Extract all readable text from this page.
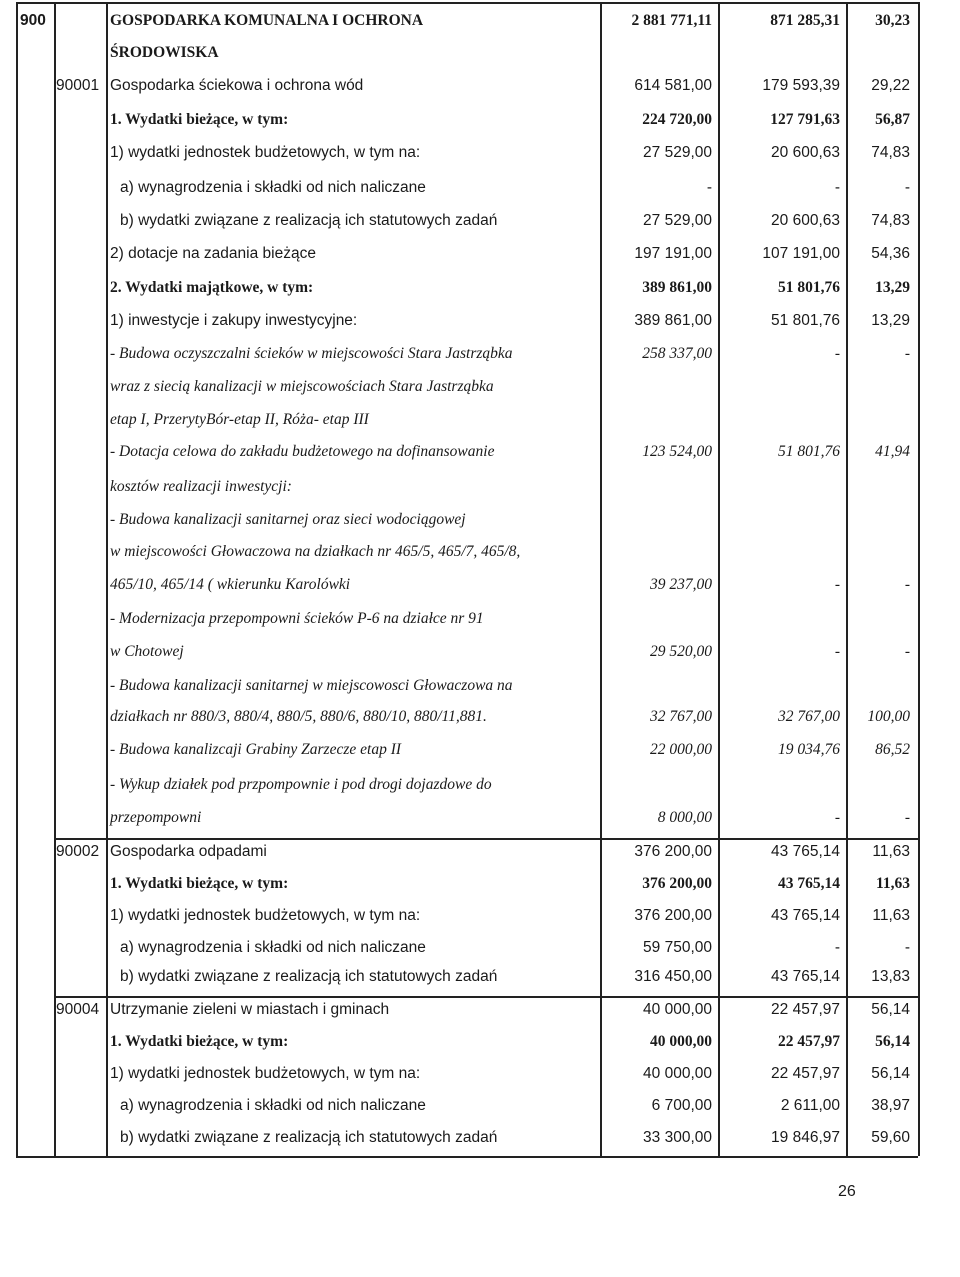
900	GOSPODARKA KOMUNALNA I OCHRONA	2 881 771,11	871 285,31	30,23
ŚRODOWISKA
90001 Gospodarka ściekowa i ochrona wód	614 581,00	179 593,39	29,22
1. Wydatki bieżące, w tym:	224 720,00	127 791,63	56,87
1) wydatki jednostek budżetowych, w tym na:	27 529,00	20 600,63	74,83
a) wynagrodzenia i składki od nich naliczane	-	-	-
b) wydatki związane z realizacją ich statutowych zadań	27 529,00	20 600,63	74,83
2) dotacje na zadania bieżące	197 191,00	107 191,00	54,36
2. Wydatki majątkowe, w tym:	389 861,00	51 801,76	13,29
1) inwestycje i zakupy inwestycyjne:	389 861,00	51 801,76	13,29
- Budowa oczyszczalni ścieków w miejscowości Stara Jastrząbka	258 337,00	-	-
wraz z siecią kanalizacji w miejscowościach Stara Jastrząbka
etap I, PrzerytyBór-etap II, Róża- etap III
- Dotacja celowa do zakładu budżetowego na dofinansowanie	123 524,00	51 801,76	41,94
kosztów realizacji inwestycji:
- Budowa kanalizacji sanitarnej oraz sieci wodociągowej
w miejscowości Głowaczowa na działkach nr 465/5, 465/7, 465/8,
465/10, 465/14 ( wkierunku Karolówki	39 237,00	-	-
- Modernizacja przepompowni ścieków P-6 na działce nr 91
w Chotowej	29 520,00	-	-
- Budowa kanalizacji sanitarnej w miejscowosci Głowaczowa na
działkach nr 880/3, 880/4, 880/5, 880/6, 880/10, 880/11,881.	32 767,00	32 767,00	100,00
- Budowa kanalizcaji Grabiny Zarzecze etap II	22 000,00	19 034,76	86,52
- Wykup działek pod przpompownie i pod drogi dojazdowe do
przepompowni	8 000,00	-	-
90002 Gospodarka odpadami	376 200,00	43 765,14	11,63
1. Wydatki bieżące, w tym:	376 200,00	43 765,14	11,63
1) wydatki jednostek budżetowych, w tym na:	376 200,00	43 765,14	11,63
a) wynagrodzenia i składki od nich naliczane	59 750,00	-	-
b) wydatki związane z realizacją ich statutowych zadań	316 450,00	43 765,14	13,83
90004 Utrzymanie zieleni w miastach i gminach	40 000,00	22 457,97	56,14
1. Wydatki bieżące, w tym:	40 000,00	22 457,97	56,14
1) wydatki jednostek budżetowych, w tym na:	40 000,00	22 457,97	56,14
a) wynagrodzenia i składki od nich naliczane	6 700,00	2 611,00	38,97
b) wydatki związane z realizacją ich statutowych zadań	33 300,00	19 846,97	59,60
26
